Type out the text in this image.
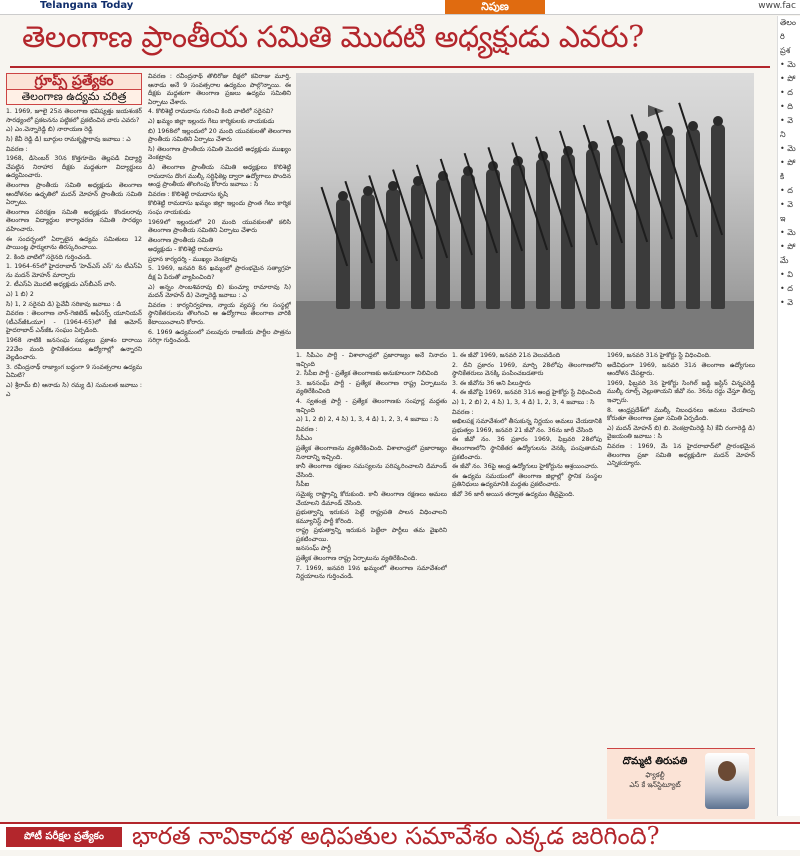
Telangana Today	నిపుణ	www.fac
తెలంగాణ ప్రాంతీయ సమితి మొదటి అధ్యక్షుడు ఎవరు?
గ్రూప్స్ ప్రత్యేకం
తెలంగాణ ఉద్యమ చరిత్ర

1. 1969, జూలై 25న తెలంగాణ భవిష్యత్తు జయశంకర్ సారథ్యంలో ప్రకటనను పట్టికలో ప్రకటించిన వారు ఎవరు?

ఎ) ఎం.చెన్నారెడ్డి బి) నారాయణ రెడ్డి

సి) కేవీ రెడ్డి డి) బూర్గుల రామకృష్ణారావు జవాబు : ఎ

వివరణ :

1968, డిసెంబర్ 30న కొత్తగూడెం తెల్లపడి విద్యార్థి చేపట్టిన నిరాహార దీక్షకు మద్దతుగా విద్యార్థులు ఉద్యమించారు.

తెలంగాణ ప్రాంతీయ సమితి అధ్యక్షుడు తెలంగాణ ఆందోళనల ఉధృతిలో మదన్ మోహన్ ప్రాంతీయ సమితి ఏర్పాటు.

తెలంగాణ పరిరక్షణ సమితి అధ్యక్షుడు కొండలరావు తెలంగాణ విద్యార్థుల కార్యాచరణ సమితి సారథ్యం వహించారు.

ఈ సందర్భంలో ఏర్పాటైన ఉద్యమ సమితులు 12 పాయింట్ల ఫార్ములాను తిరస్కరించాయి.

2. కింది వాటిలో సరైనది గుర్తించండి.

1. 1964-65లో హైదరాబాద్ 'హెచ్‌ఎస్ ఎస్' ను టీఎస్‌ఏ ను మదన్ మోహన్ మార్చారు

2. టీఎస్‌ఏ మొదటి అధ్యక్షుడు ఎస్‌బీఎస్ వాసి.

ఎ) 1 బి) 2

సి) 1, 2 సరైనవి డి) పైవేవీ సరికావు జవాబు : డి

వివరణ : తెలంగాణ నాన్-గెజిటెడ్ ఆఫీసర్స్ యూనియన్ (టీఎన్‌జీఓయూ) - (1964-65)లో కేజీ అమోస్ హైదరాబాద్ ఎన్‌జీఓ సంఘం ఏర్పడింది.

1968 నాటికి జనసంఘ సభ్యులు ప్రకాశం దారాయి 22వేల మంది స్థానికేతరులు ఉద్యోగాల్లో ఉన్నారని వెల్లడించారు.

3. రవీంద్రనాథ్ రాజ్యాంగ బద్ధంగా 9 సంవత్సరాల ఉద్యమ ఏమిటి?

ఎ) శ్రీరామ్ బి) ఆనాడు సి) రమ్య డి) సుమలత జవాబు : ఎ

వివరణ : రవీంద్రనాథ్ తొలిరోజు దీక్షలో కవిరాజు మూర్తి, ఆనాడు అనే 9 సంవత్సరాల ఉద్యమం పాల్గొన్నాయి. ఈ దీక్షకు మద్దతుగా తెలంగాణ ప్రజలు ఉద్యమ సమితిని ఏర్పాటు చేశారు.

4. కొలిశెట్టి రామదాసు గురించి కింది వాటిలో సరైనవి?

ఎ) ఖమ్మం జిల్లా ఇల్లందు గేటు కార్మికులకు నాయకుడు

బి) 1968లో ఇల్లందులో 20 మంది యువకులతో తెలంగాణ ప్రాంతీయ సమితిని ఏర్పాటు చేశారు

సి) తెలంగాణ ప్రాంతీయ సమితి మొదటి అధ్యక్షుడు ముఖ్యం వెంకట్రావు

డి) తెలంగాణ ప్రాంతీయ సమితి అధ్యక్షులు కొలిశెట్టి రామదాసు దొంగ ముల్కీ సర్టిఫికెట్ల ద్వారా ఉద్యోగాలు పొందిన ఆంధ్ర ప్రాంతీయ తొలగింపు కోరారు జవాబు : సి

వివరణ : కొలిశెట్టి రామదాసు కృషి

కొలిశెట్టి రామదాసు ఖమ్మం జిల్లా ఇల్లందు ప్రాంత గేటు కార్మిక సంఘ నాయకుడు

1969లో ఇల్లందులో 20 మంది యువకులతో కలిసి తెలంగాణ ప్రాంతీయ సమితిని ఏర్పాటు చేశారు

తెలంగాణ ప్రాంతీయ సమితి

అధ్యక్షుడు - కొలిశెట్టి రామదాసు

ప్రధాన కార్యదర్శి - ముఖ్యం వెంకట్రావు

5. 1969, జనవరి 8న ఖమ్మంలో ప్రారంభమైన సత్యాగ్రహ దీక్ష ఏ పేరుతో వ్యాపించింది?

ఎ) అన్నం సాంబశివరావు బి) కుంచ్యూ రామారావు సి) మదన్ మోహన్ డి) చెన్నారెడ్డి జవాబు : ఎ

వివరణ : కార్యనిర్వహణ, న్యాయ వ్యవస్థ గల సంస్థల్లో స్థానికేతరులను తొలగించి ఆ ఉద్యోగాలు తెలంగాణ వారికి కేటాయించాలని కోరారు.

6. 1969 ఉద్యమంలో పలువురు రాజకీయ పార్టీల పాత్రను సరిగ్గా గుర్తించండి.

1. సీపీఎం పార్టీ - విశాలాంధ్రలో ప్రజారాజ్యం అనే నినాదం ఇచ్చింది

2. సీపీఐ పార్టీ - ప్రత్యేక తెలంగాణకు అనుకూలంగా నిలిచింది

3. జనసంఘ్ పార్టీ - ప్రత్యేక తెలంగాణ రాష్ట్ర ఏర్పాటును వ్యతిరేకించింది

4. స్వతంత్ర పార్టీ - ప్రత్యేక తెలంగాణకు సంపూర్ణ మద్దతు ఇచ్చింది

ఎ) 1, 2 బి) 2, 4 సి) 1, 3, 4 డి) 1, 2, 3, 4 జవాబు : సి

వివరణ :

సీపీఎం

ప్రత్యేక తెలంగాణను వ్యతిరేకించింది. విశాలాంధ్రలో ప్రజారాజ్యం నినాదాన్ని ఇచ్చింది.

కానీ తెలంగాణ రక్షణల సమస్యలను పరిష్కరించాలని డిమాండ్ చేసింది.

సీపీఐ

సమైక్య రాష్ట్రాన్ని కోరుకుంది. కానీ తెలంగాణ రక్షణలు అమలు చేయాలని డిమాండ్ చేసింది.

ప్రభుత్వాన్ని ఇరుకున పెట్టే రాష్ట్రపతి పాలన విధించాలని కమ్యూనిస్ట్ పార్టీ కోరింది.

రాష్ట్ర ప్రభుత్వాన్ని ఇరుకున పెట్టేలా పార్టీలు తమ వైఖరిని ప్రకటించాయి.

జనసంఘ్ పార్టీ

ప్రత్యేక తెలంగాణ రాష్ట్ర ఏర్పాటును వ్యతిరేకించింది.

7. 1969, జనవరి 19న ఖమ్మంలో తెలంగాణ సమావేశంలో నిర్ణయాలను గుర్తించండి.

1. ఈ జీవో 1969, జనవరి 21న వెలువడింది

2. దీని ప్రకారం 1969, మార్చి 28లోపు తెలంగాణలోని స్థానికేతరులు వెనక్కి పంపించబడతారు

3. ఈ జీవోను 36 అని పిలుస్తారు

4. ఈ జీవోపై 1969, జనవరి 31న ఆంధ్ర హైకోర్టు స్టే విధించింది

ఎ) 1, 2 బి) 2, 4 సి) 1, 3, 4 డి) 1, 2, 3, 4 జవాబు : సి

వివరణ :

అఖిలపక్ష సమావేశంలో తీసుకున్న నిర్ణయం అమలు చేయడానికి ప్రభుత్వం 1969, జనవరి 21 జీవో నం. 36ను జారీ చేసింది

ఈ జీవో నం. 36 ప్రకారం 1969, ఫిబ్రవరి 28లోపు తెలంగాణలోని స్థానికేతర ఉద్యోగులను వెనక్కి పంపుతామని ప్రకటించారు.

ఈ జీవో నం. 36పై ఆంధ్ర ఉద్యోగులు హైకోర్టును ఆశ్రయించారు.

ఈ ఉద్యమ సమయంలో తెలంగాణ జిల్లాల్లో స్థానిక సంస్థల ప్రతినిధులు ఉద్యమానికి మద్దతు ప్రకటించారు.

జీవో 36 జారీ అయిన తర్వాత ఉద్యమం తీవ్రమైంది.

1969, జనవరి 31న హైకోర్టు స్టే విధించింది.

అదేవిధంగా 1969, జనవరి 31న తెలంగాణ ఉద్యోగులు ఆందోళన చేపట్టారు.

1969, ఫిబ్రవరి 3న హైకోర్టు సింగిల్ జడ్జి జస్టిస్ చిన్నపరెడ్డి ముల్కీ రూల్స్ చెల్లుతాయని జీవో నం. 36ను రద్దు చేస్తూ తీర్పు ఇచ్చారు.

8. ఆంధ్రప్రదేశ్‌లో ముల్కీ నిబంధనలు అమలు చేయాలని కోరుతూ తెలంగాణ ప్రజా సమితి ఏర్పడింది.

ఎ) మదన్ మోహన్ బి) బి. వెంకట్రామిరెడ్డి సి) కేవీ రంగారెడ్డి డి) వైజయంతి జవాబు : సి

వివరణ : 1969, మే 1న హైదరాబాద్‌లో ప్రారంభమైన తెలంగాణ ప్రజా సమితి అధ్యక్షుడిగా మదన్ మోహన్ ఎన్నికయ్యారు.

దొమ్మటి తిరుపతి
ఫ్యాకల్టీ
ఎస్ కే ఇన్‌స్టిట్యూట్
తెలం
రి
ప్రశ
• మె
• పో
• ద
• ది
• వె
ని
• మె
• పో
కి
• ద
• వె
ఇ
• మె
• పో
మే
• వి
• ద
• వె
పోటీ పరీక్షల ప్రత్యేకం	భారత నావికాదళ అధిపతుల సమావేశం ఎక్కడ జరిగింది?
